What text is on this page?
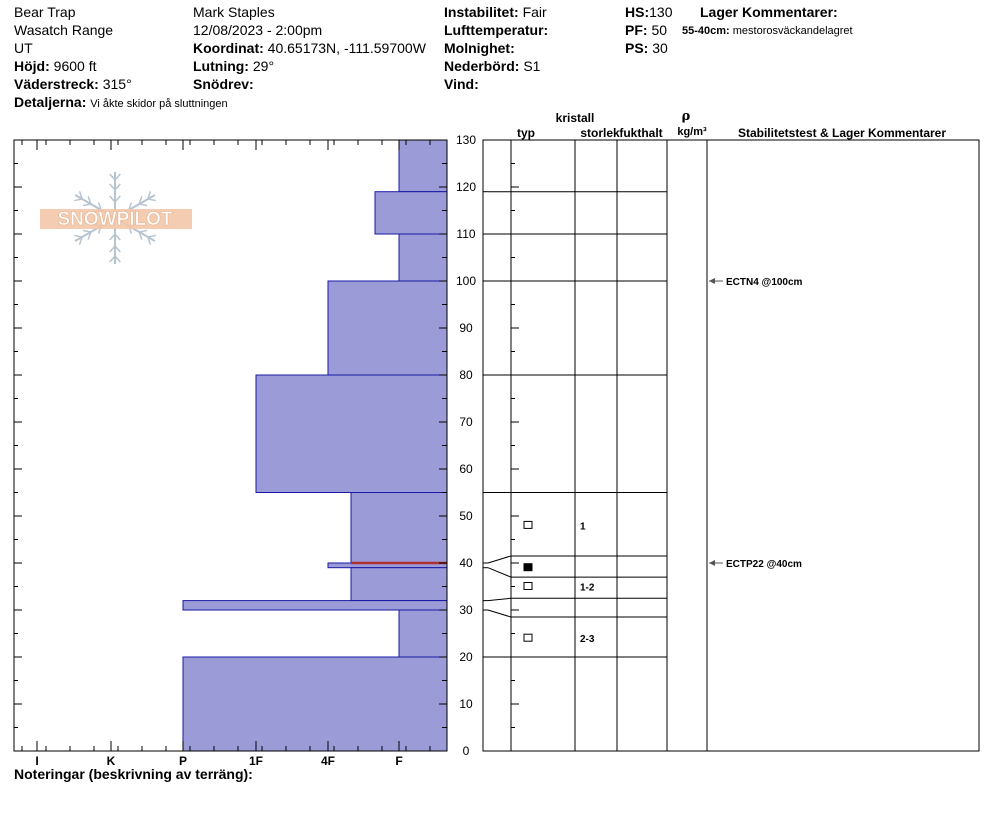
Bear Trap
Wasatch Range
UT
Höjd: 9600 ft
Väderstreck: 315°
Detaljerna: Vi åkte skidor på sluttningen
Mark Staples
12/08/2023 - 2:00pm
Koordinat: 40.65173N, -111.59700W
Lutning: 29°
Snödrev:
Instabilitet: Fair
Lufttemperatur:
Molnighet:
Nederbörd: S1
Vind:
HS:130
PF: 50
PS: 30
Lager Kommentarer:
55-40cm: mestorosväckandelagret
SNOWPILOT
I	K	P	1F	4F	F
0
10
20
30
40
50
60
70
80
90
100
110
120
130	typ
kristall
storlek fukthalt
ρ
kg/m³	Stabilitetstest & Lager Kommentarer
1
1-2
2-3
ECTN4 @100cm
ECTP22 @40cm
Noteringar (beskrivning av terräng):
